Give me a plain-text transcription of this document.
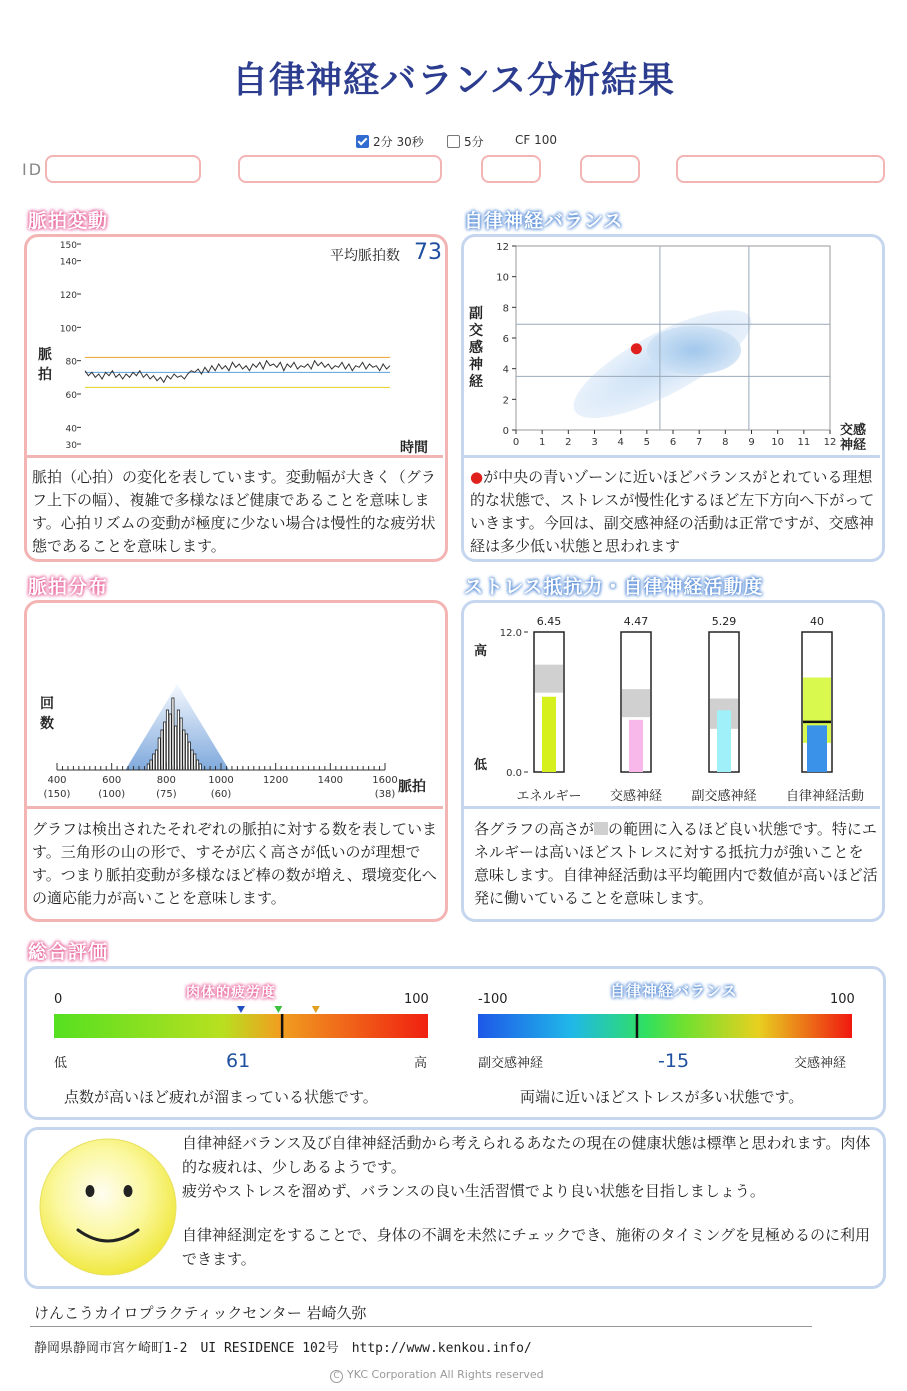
自律神経バランス分析結果
2分 30秒	5分	CF 100
ID
脈拍変動
150
140
120
100
80
60
40
30
平均脈拍数 73
脈
拍
時間
脈拍（心拍）の変化を表しています。変動幅が大きく（グラフ上下の幅）、複雑で多様なほど健康であることを意味します。心拍リズムの変動が極度に少ない場合は慢性的な疲労状態であることを意味します。
自律神経バランス
0 1 2 3 4 5 6 7 8 9 10 11 12
0
2
4
6
8
10
12
副交感神経
交感
神経
●が中央の青いゾーンに近いほどバランスがとれている理想的な状態で、ストレスが慢性化するほど左下方向へ下がっていきます。今回は、副交感神経の活動は正常ですが、交感神経は多少低い状態と思われます
脈拍分布
400
(150)
600
(100)
800
(75)
1000
(60)
1200	1400	1600
(38)
回
数
脈拍
グラフは検出されたそれぞれの脈拍に対する数を表しています。三角形の山の形で、すそが広く高さが低いのが理想です。つまり脈拍変動が多様なほど棒の数が増え、環境変化への適応能力が高いことを意味します。
ストレス抵抗力・自律神経活動度
12.0
0.0
6.45
エネルギー
4.47
交感神経
5.29
副交感神経
40
自律神経活動
高
低
各グラフの高さが の範囲に入るほど良い状態です。特にエネルギーは高いほどストレスに対する抵抗力が強いことを意味します。自律神経活動は平均範囲内で数値が高いほど活発に働いていることを意味します。
総合評価
肉体的疲労度	自律神経バランス
0	100
低	高
61
点数が高いほど疲れが溜まっている状態です。
-100	100
副交感神経	交感神経
-15
両端に近いほどストレスが多い状態です。
自律神経バランス及び自律神経活動から考えられるあなたの現在の健康状態は標準と思われます。肉体的な疲れは、少しあるようです。
疲労やストレスを溜めず、バランスの良い生活習慣でより良い状態を目指しましょう。
自律神経測定をすることで、身体の不調を未然にチェックでき、施術のタイミングを見極めるのに利用できます。
けんこうカイロプラクティックセンター 岩崎久弥
静岡県静岡市宮ケ崎町1-2　UI RESIDENCE 102号　http://www.kenkou.info/
C YKC Corporation All Rights reserved
